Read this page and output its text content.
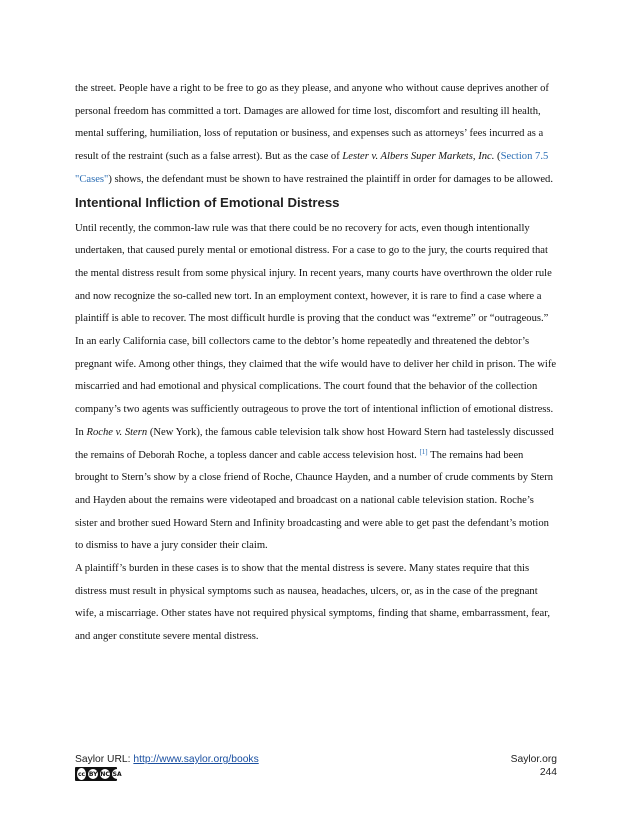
the street. People have a right to be free to go as they please, and anyone who without cause deprives another of personal freedom has committed a tort. Damages are allowed for time lost, discomfort and resulting ill health, mental suffering, humiliation, loss of reputation or business, and expenses such as attorneys’ fees incurred as a result of the restraint (such as a false arrest). But as the case of Lester v. Albers Super Markets, Inc. (Section 7.5 "Cases") shows, the defendant must be shown to have restrained the plaintiff in order for damages to be allowed.

Intentional Infliction of Emotional Distress

Until recently, the common-law rule was that there could be no recovery for acts, even though intentionally undertaken, that caused purely mental or emotional distress. For a case to go to the jury, the courts required that the mental distress result from some physical injury. In recent years, many courts have overthrown the older rule and now recognize the so-called new tort. In an employment context, however, it is rare to find a case where a plaintiff is able to recover. The most difficult hurdle is proving that the conduct was “extreme” or “outrageous.”

In an early California case, bill collectors came to the debtor’s home repeatedly and threatened the debtor’s pregnant wife. Among other things, they claimed that the wife would have to deliver her child in prison. The wife miscarried and had emotional and physical complications. The court found that the behavior of the collection company’s two agents was sufficiently outrageous to prove the tort of intentional infliction of emotional distress. In Roche v. Stern (New York), the famous cable television talk show host Howard Stern had tastelessly discussed the remains of Deborah Roche, a topless dancer and cable access television host. [1] The remains had been brought to Stern’s show by a close friend of Roche, Chaunce Hayden, and a number of crude comments by Stern and Hayden about the remains were videotaped and broadcast on a national cable television station. Roche’s sister and brother sued Howard Stern and Infinity broadcasting and were able to get past the defendant’s motion to dismiss to have a jury consider their claim.

A plaintiff’s burden in these cases is to show that the mental distress is severe. Many states require that this distress must result in physical symptoms such as nausea, headaches, ulcers, or, as in the case of the pregnant wife, a miscarriage. Other states have not required physical symptoms, finding that shame, embarrassment, fear, and anger constitute severe mental distress.

Saylor URL: http://www.saylor.org/books
cc BY NC SA
Saylor.org
244
